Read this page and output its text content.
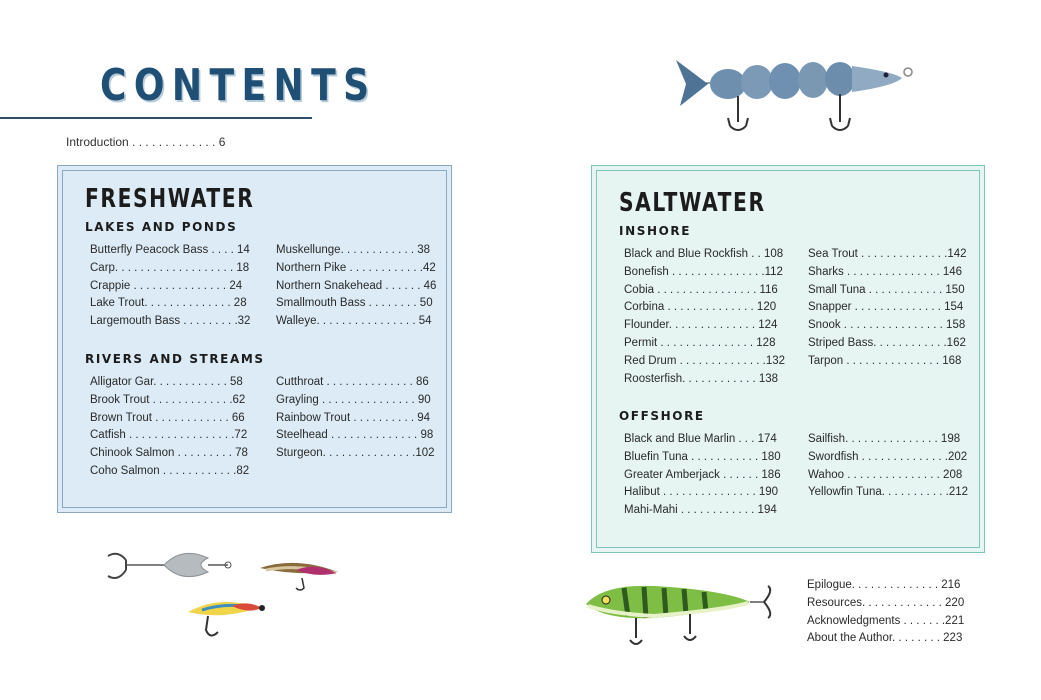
CONTENTS
Introduction . . . . . . . . . . . . . 6
FRESHWATER
LAKES AND PONDS
Butterfly Peacock Bass . . . . 14
Carp. . . . . . . . . . . . . . . . . . . 18
Crappie . . . . . . . . . . . . . . . 24
Lake Trout. . . . . . . . . . . . . . 28
Largemouth Bass . . . . . . . . .32
Muskellunge. . . . . . . . . . . . 38
Northern Pike . . . . . . . . . . . .42
Northern Snakehead . . . . . . 46
Smallmouth Bass . . . . . . . . 50
Walleye. . . . . . . . . . . . . . . . 54
RIVERS AND STREAMS
Alligator Gar. . . . . . . . . . . . 58
Brook Trout . . . . . . . . . . . . .62
Brown Trout . . . . . . . . . . . . 66
Catfish . . . . . . . . . . . . . . . . .72
Chinook Salmon . . . . . . . . . 78
Coho Salmon . . . . . . . . . . . .82
Cutthroat . . . . . . . . . . . . . . 86
Grayling . . . . . . . . . . . . . . . 90
Rainbow Trout . . . . . . . . . . 94
Steelhead . . . . . . . . . . . . . . 98
Sturgeon. . . . . . . . . . . . . . .102
SALTWATER
INSHORE
Black and Blue Rockfish . . 108
Bonefish . . . . . . . . . . . . . . .112
Cobia . . . . . . . . . . . . . . . . 116
Corbina . . . . . . . . . . . . . . 120
Flounder. . . . . . . . . . . . . . 124
Permit . . . . . . . . . . . . . . . 128
Red Drum . . . . . . . . . . . . . .132
Roosterfish. . . . . . . . . . . . 138
Sea Trout . . . . . . . . . . . . . .142
Sharks . . . . . . . . . . . . . . . 146
Small Tuna . . . . . . . . . . . . 150
Snapper . . . . . . . . . . . . . . 154
Snook . . . . . . . . . . . . . . . . 158
Striped Bass. . . . . . . . . . . .162
Tarpon . . . . . . . . . . . . . . . 168
OFFSHORE
Black and Blue Marlin . . . 174
Bluefin Tuna . . . . . . . . . . . 180
Greater Amberjack . . . . . . 186
Halibut . . . . . . . . . . . . . . . 190
Mahi-Mahi . . . . . . . . . . . . 194
Sailfish. . . . . . . . . . . . . . . 198
Swordfish . . . . . . . . . . . . . .202
Wahoo . . . . . . . . . . . . . . . 208
Yellowfin Tuna. . . . . . . . . . .212
Epilogue. . . . . . . . . . . . . . 216
Resources. . . . . . . . . . . . . 220
Acknowledgments . . . . . . .221
About the Author. . . . . . . . 223
